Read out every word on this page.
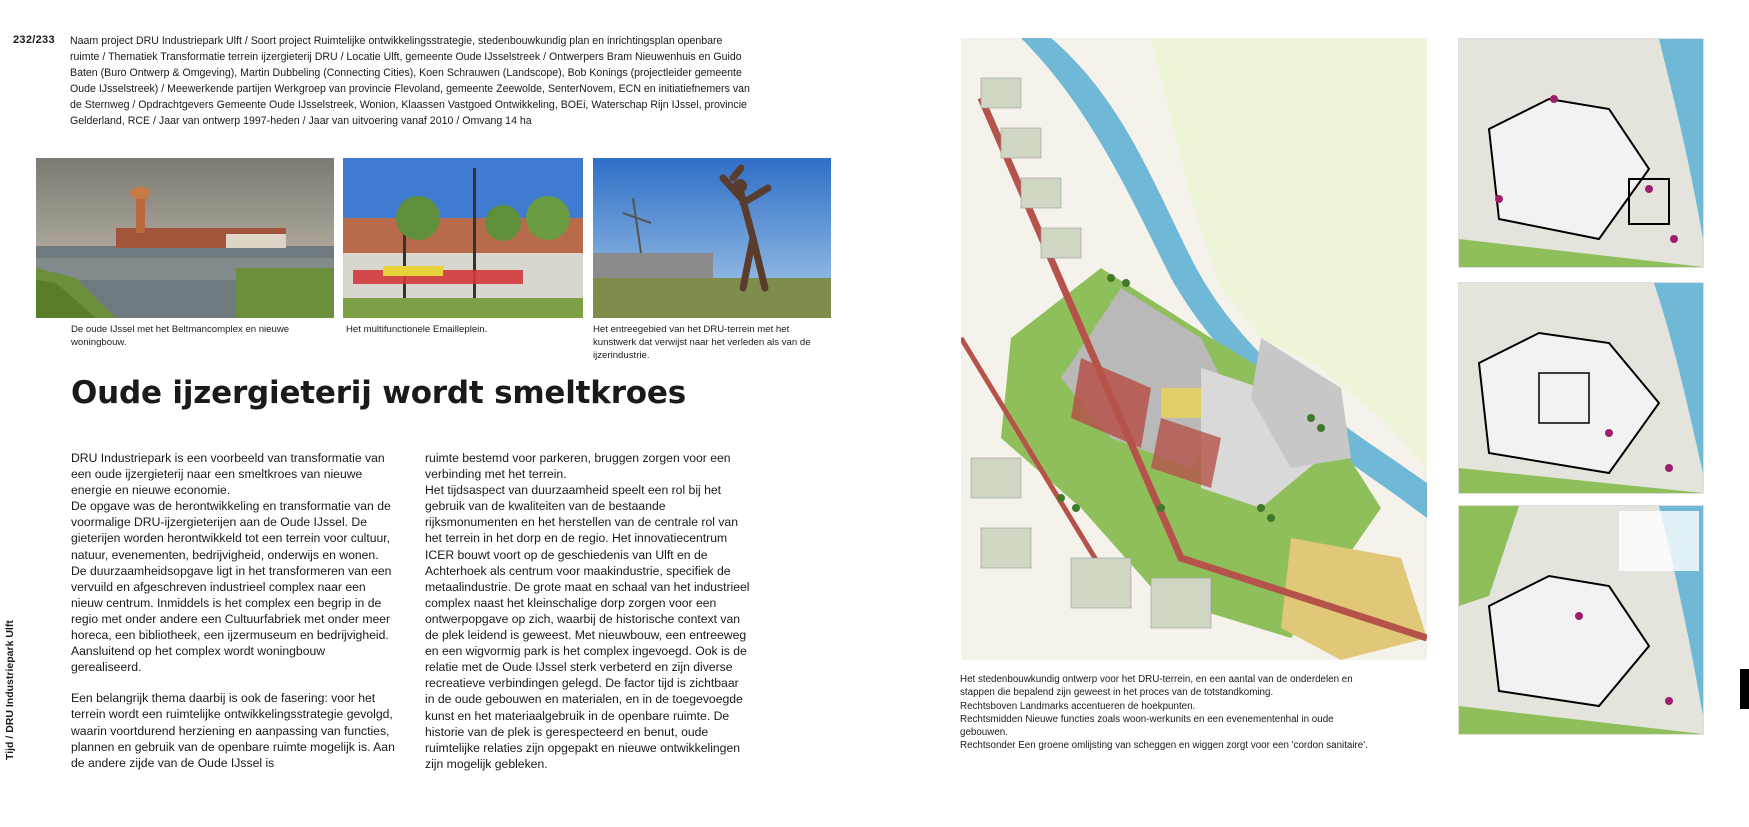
232/233 Naam project DRU Industriepark Ulft / Soort project Ruimtelijke ontwikkelingsstrategie, stedenbouwkundig plan en inrichtingsplan openbare ruimte / Thematiek Transformatie terrein ijzergieterij DRU / Locatie Ulft, gemeente Oude IJsselstreek / Ontwerpers Bram Nieuwenhuis en Guido Baten (Buro Ontwerp & Omgeving), Martin Dubbeling (Connecting Cities), Koen Schrauwen (Landscope), Bob Konings (projectleider gemeente Oude IJsselstreek) / Meewerkende partijen Werkgroep van provincie Flevoland, gemeente Zeewolde, SenterNovem, ECN en initiatiefnemers van de Sternweg / Opdrachtgevers Gemeente Oude IJsselstreek, Wonion, Klaassen Vastgoed Ontwikkeling, BOEi, Waterschap Rijn IJssel, provincie Gelderland, RCE / Jaar van ontwerp 1997-heden / Jaar van uitvoering vanaf 2010 / Omvang 14 ha
De oude IJssel met het Beltmancomplex en nieuwe woningbouw.
Het multifunctionele Emailleplein.	Het entreegebied van het DRU-terrein met het kunstwerk dat verwijst naar het verleden als van de ijzerindustrie.
Oude ijzergieterij wordt smeltkroes

DRU Industriepark is een voorbeeld van transformatie van een oude ijzergieterij naar een smeltkroes van nieuwe energie en nieuwe economie.

De opgave was de herontwikkeling en transformatie van de voormalige DRU-ijzergieterijen aan de Oude IJssel. De gieterijen worden herontwikkeld tot een terrein voor cultuur, natuur, evenementen, bedrijvigheid, onderwijs en wonen. De duurzaamheidsopgave ligt in het transformeren van een vervuild en afgeschreven industrieel complex naar een nieuw centrum. Inmiddels is het complex een begrip in de regio met onder andere een Cultuurfabriek met onder meer horeca, een bibliotheek, een ijzermuseum en bedrijvigheid. Aansluitend op het complex wordt woningbouw gerealiseerd.

Een belangrijk thema daarbij is ook de fasering: voor het terrein wordt een ruimtelijke ontwikkelingsstrategie gevolgd, waarin voortdurend herziening en aanpassing van functies, plannen en gebruik van de openbare ruimte mogelijk is. Aan de andere zijde van de Oude IJssel is

ruimte bestemd voor parkeren, bruggen zorgen voor een verbinding met het terrein.

Het tijdsaspect van duurzaamheid speelt een rol bij het gebruik van de kwaliteiten van de bestaande rijksmonumenten en het herstellen van de centrale rol van het terrein in het dorp en de regio. Het innovatiecentrum ICER bouwt voort op de geschiedenis van Ulft en de Achterhoek als centrum voor maakindustrie, specifiek de metaalindustrie. De grote maat en schaal van het industrieel complex naast het kleinschalige dorp zorgen voor een ontwerpopgave op zich, waarbij de historische context van de plek leidend is geweest. Met nieuwbouw, een entreeweg en een wigvormig park is het complex ingevoegd. Ook is de relatie met de Oude IJssel sterk verbeterd en zijn diverse recreatieve verbindingen gelegd. De factor tijd is zichtbaar in de oude gebouwen en materialen, en in de toegevoegde kunst en het materiaalgebruik in de openbare ruimte. De historie van de plek is gerespecteerd en benut, oude ruimtelijke relaties zijn opgepakt en nieuwe ontwikkelingen zijn mogelijk gebleken.

Tijd / DRU Industriepark Ulft	Het stedenbouwkundig ontwerp voor het DRU-terrein, en een aantal van de onderdelen en stappen die bepalend zijn geweest in het proces van de totstandkoming.

Rechtsboven Landmarks accentueren de hoekpunten.

Rechtsmidden Nieuwe functies zoals woon-werkunits en een evenementenhal in oude gebouwen.

Rechtsonder Een groene omlijsting van scheggen en wiggen zorgt voor een 'cordon sanitaire'.
